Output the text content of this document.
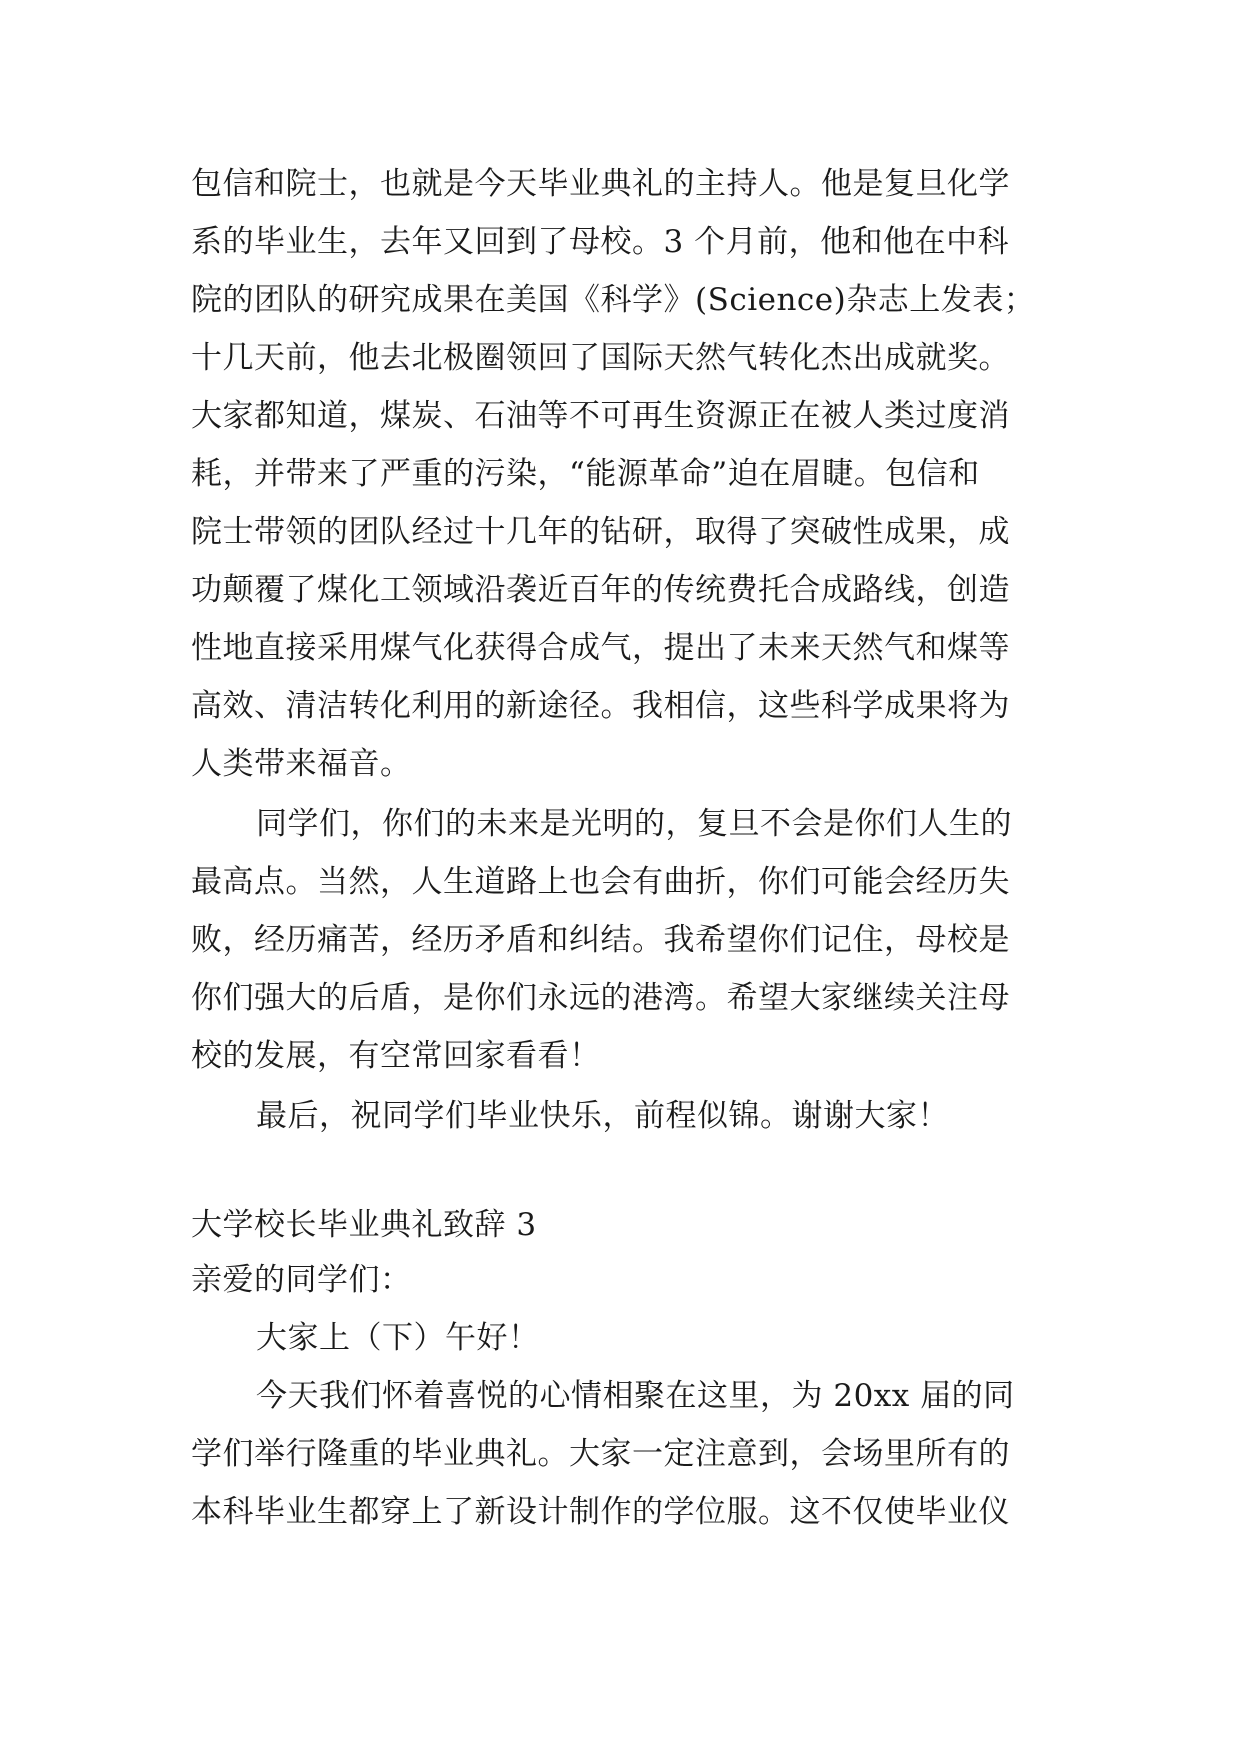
包信和院士，也就是今天毕业典礼的主持人。他是复旦化学
系的毕业生，去年又回到了母校。3 个月前，他和他在中科
院的团队的研究成果在美国《科学》(Science)杂志上发表；
十几天前，他去北极圈领回了国际天然气转化杰出成就奖。
大家都知道，煤炭、石油等不可再生资源正在被人类过度消
耗，并带来了严重的污染，“能源革命”迫在眉睫。包信和
院士带领的团队经过十几年的钻研，取得了突破性成果，成
功颠覆了煤化工领域沿袭近百年的传统费托合成路线，创造
性地直接采用煤气化获得合成气，提出了未来天然气和煤等
高效、清洁转化利用的新途径。我相信，这些科学成果将为
人类带来福音。
同学们，你们的未来是光明的，复旦不会是你们人生的
最高点。当然，人生道路上也会有曲折，你们可能会经历失
败，经历痛苦，经历矛盾和纠结。我希望你们记住，母校是
你们强大的后盾，是你们永远的港湾。希望大家继续关注母
校的发展，有空常回家看看！
最后，祝同学们毕业快乐，前程似锦。谢谢大家！
大学校长毕业典礼致辞 3
亲爱的同学们：
大家上（下）午好！
今天我们怀着喜悦的心情相聚在这里，为 20xx 届的同
学们举行隆重的毕业典礼。大家一定注意到，会场里所有的
本科毕业生都穿上了新设计制作的学位服。这不仅使毕业仪
